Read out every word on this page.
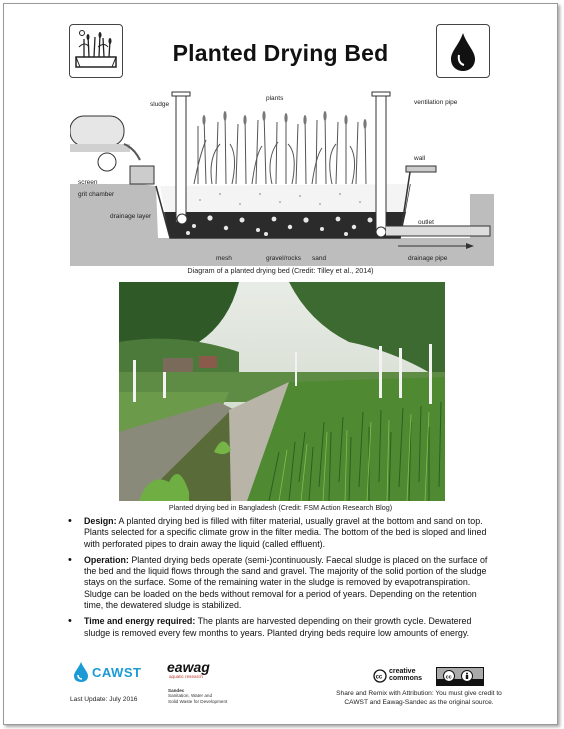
Planted Drying Bed
plants
sludge	ventilation pipe
wall
screen
grit chamber
drainage layer
outlet
mesh	gravel/rocks sand	drainage pipe
Diagram of a planted drying bed (Credit: Tilley et al., 2014)
Planted drying bed in Bangladesh (Credit: FSM Action Research Blog)
• Design: A planted drying bed is filled with filter material, usually gravel at the bottom and sand on top. Plants selected for a specific climate grow in the filter media. The bottom of the bed is sloped and lined with perforated pipes to drain away the liquid (called effluent).
• Operation: Planted drying beds operate (semi-)continuously. Faecal sludge is placed on the surface of the bed and the liquid flows through the sand and gravel. The majority of the solid portion of the sludge stays on the surface. Some of the remaining water in the sludge is removed by evapotranspiration. Sludge can be loaded on the beds without removal for a period of years. Depending on the retention time, the dewatered sludge is stabilized.
• Time and energy required: The plants are harvested depending on their growth cycle. Dewatered sludge is removed every few months to years. Planted drying beds require low amounts of energy.
CAWST eawag
aquatic research
Sandec
Sanitation, Water and
Solid Waste for Development
Last Update: July 2016
cc
creative
commons	cc
Share and Remix with Attribution: You must give credit to CAWST and Eawag-Sandec as the original source.
